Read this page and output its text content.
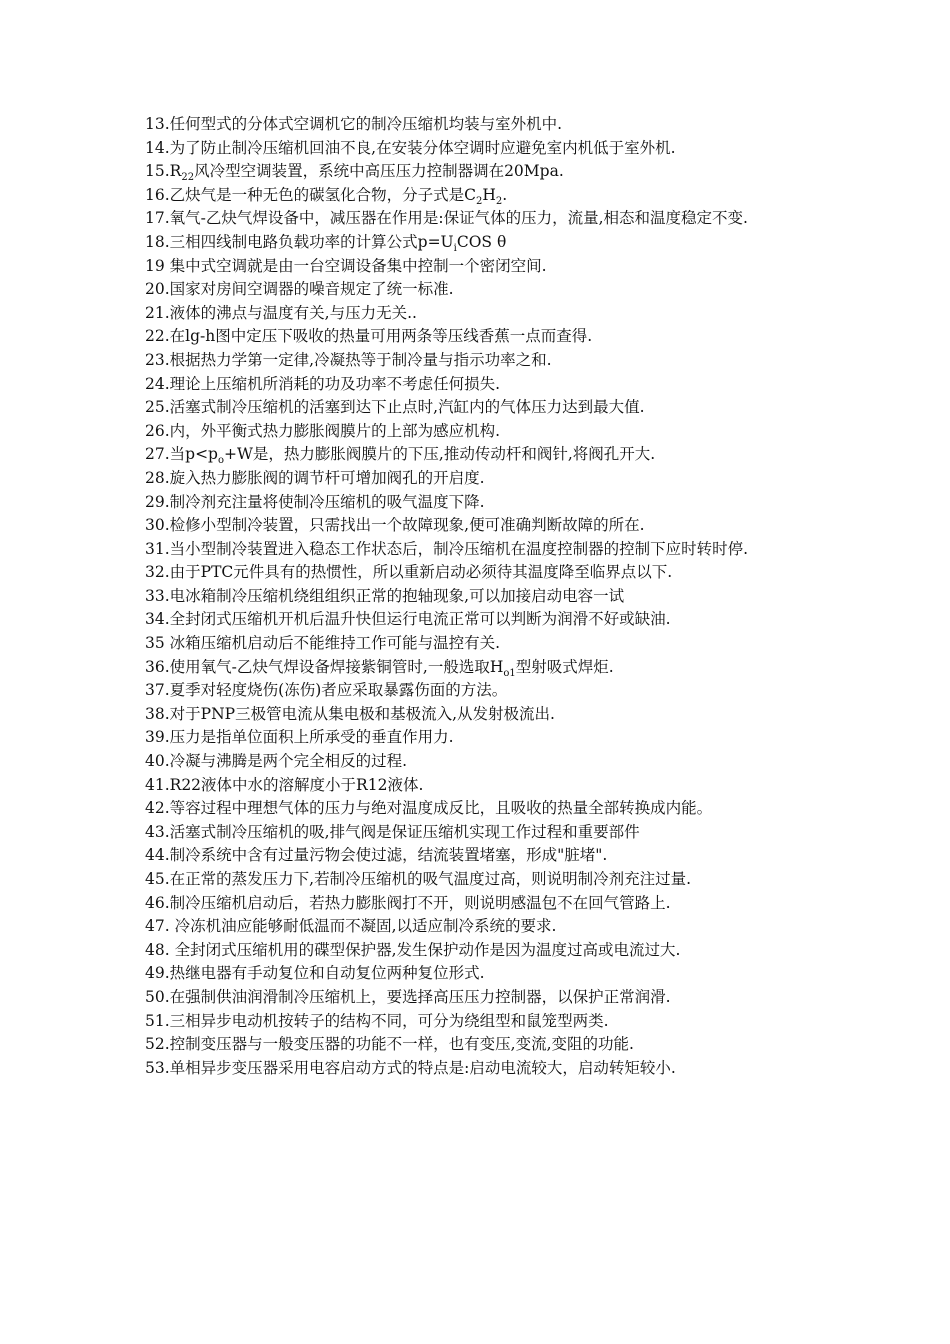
13.任何型式的分体式空调机它的制冷压缩机均装与室外机中.

14.为了防止制冷压缩机回油不良,在安装分体空调时应避免室内机低于室外机.

$15.R_{22}$风冷型空调装置，系统中高压压力控制器调在20Mpa.

16.乙炔气是一种无色的碳氢化合物，分子式是$C_2H_2$.

17.氧气-乙炔气焊设备中，减压器在作用是:保证气体的压力，流量,相态和温度稳定不变.

18.三相四线制电路负载功率的计算公式$p=U_iCOS$ θ

19 集中式空调就是由一台空调设备集中控制一个密闭空间.

20.国家对房间空调器的噪音规定了统一标准.

21.液体的沸点与温度有关,与压力无关..

22.在lg-h图中定压下吸收的热量可用两条等压线香蕉一点而查得.

23.根据热力学第一定律,冷凝热等于制冷量与指示功率之和.

24.理论上压缩机所消耗的功及功率不考虑任何损失.

25.活塞式制冷压缩机的活塞到达下止点时,汽缸内的气体压力达到最大值.

26.内，外平衡式热力膨胀阀膜片的上部为感应机构.

27.当$p<p_o+W$是，热力膨胀阀膜片的下压,推动传动杆和阀针,将阀孔开大.

28.旋入热力膨胀阀的调节杆可增加阀孔的开启度.

29.制冷剂充注量将使制冷压缩机的吸气温度下降.

30.检修小型制冷装置，只需找出一个故障现象,便可准确判断故障的所在.

31.当小型制冷装置进入稳态工作状态后，制冷压缩机在温度控制器的控制下应时转时停.

32.由于PTC元件具有的热惯性，所以重新启动必须待其温度降至临界点以下.

33.电冰箱制冷压缩机绕组组织正常的抱轴现象,可以加接启动电容一试

34.全封闭式压缩机开机后温升快但运行电流正常可以判断为润滑不好或缺油.

35 冰箱压缩机启动后不能维持工作可能与温控有关.

36.使用氧气-乙炔气焊设备焊接紫铜管时,一般选取$H_{o1}$型射吸式焊炬.

37.夏季对轻度烧伤(冻伤)者应采取暴露伤面的方法。

38.对于PNP三极管电流从集电极和基极流入,从发射极流出.

39.压力是指单位面积上所承受的垂直作用力.

40.冷凝与沸腾是两个完全相反的过程.

41.R22液体中水的溶解度小于R12液体.

42.等容过程中理想气体的压力与绝对温度成反比，且吸收的热量全部转换成内能。

43.活塞式制冷压缩机的吸,排气阀是保证压缩机实现工作过程和重要部件

44.制冷系统中含有过量污物会使过滤，结流装置堵塞，形成"脏堵".

45.在正常的蒸发压力下,若制冷压缩机的吸气温度过高，则说明制冷剂充注过量.

46.制冷压缩机启动后，若热力膨胀阀打不开，则说明感温包不在回气管路上.

47. 冷冻机油应能够耐低温而不凝固,以适应制冷系统的要求.

48. 全封闭式压缩机用的碟型保护器,发生保护动作是因为温度过高或电流过大.

49.热继电器有手动复位和自动复位两种复位形式.

50.在强制供油润滑制冷压缩机上，要选择高压压力控制器，以保护正常润滑.

51.三相异步电动机按转子的结构不同，可分为绕组型和鼠笼型两类.

52.控制变压器与一般变压器的功能不一样，也有变压,变流,变阻的功能.

53.单相异步变压器采用电容启动方式的特点是:启动电流较大，启动转矩较小.
